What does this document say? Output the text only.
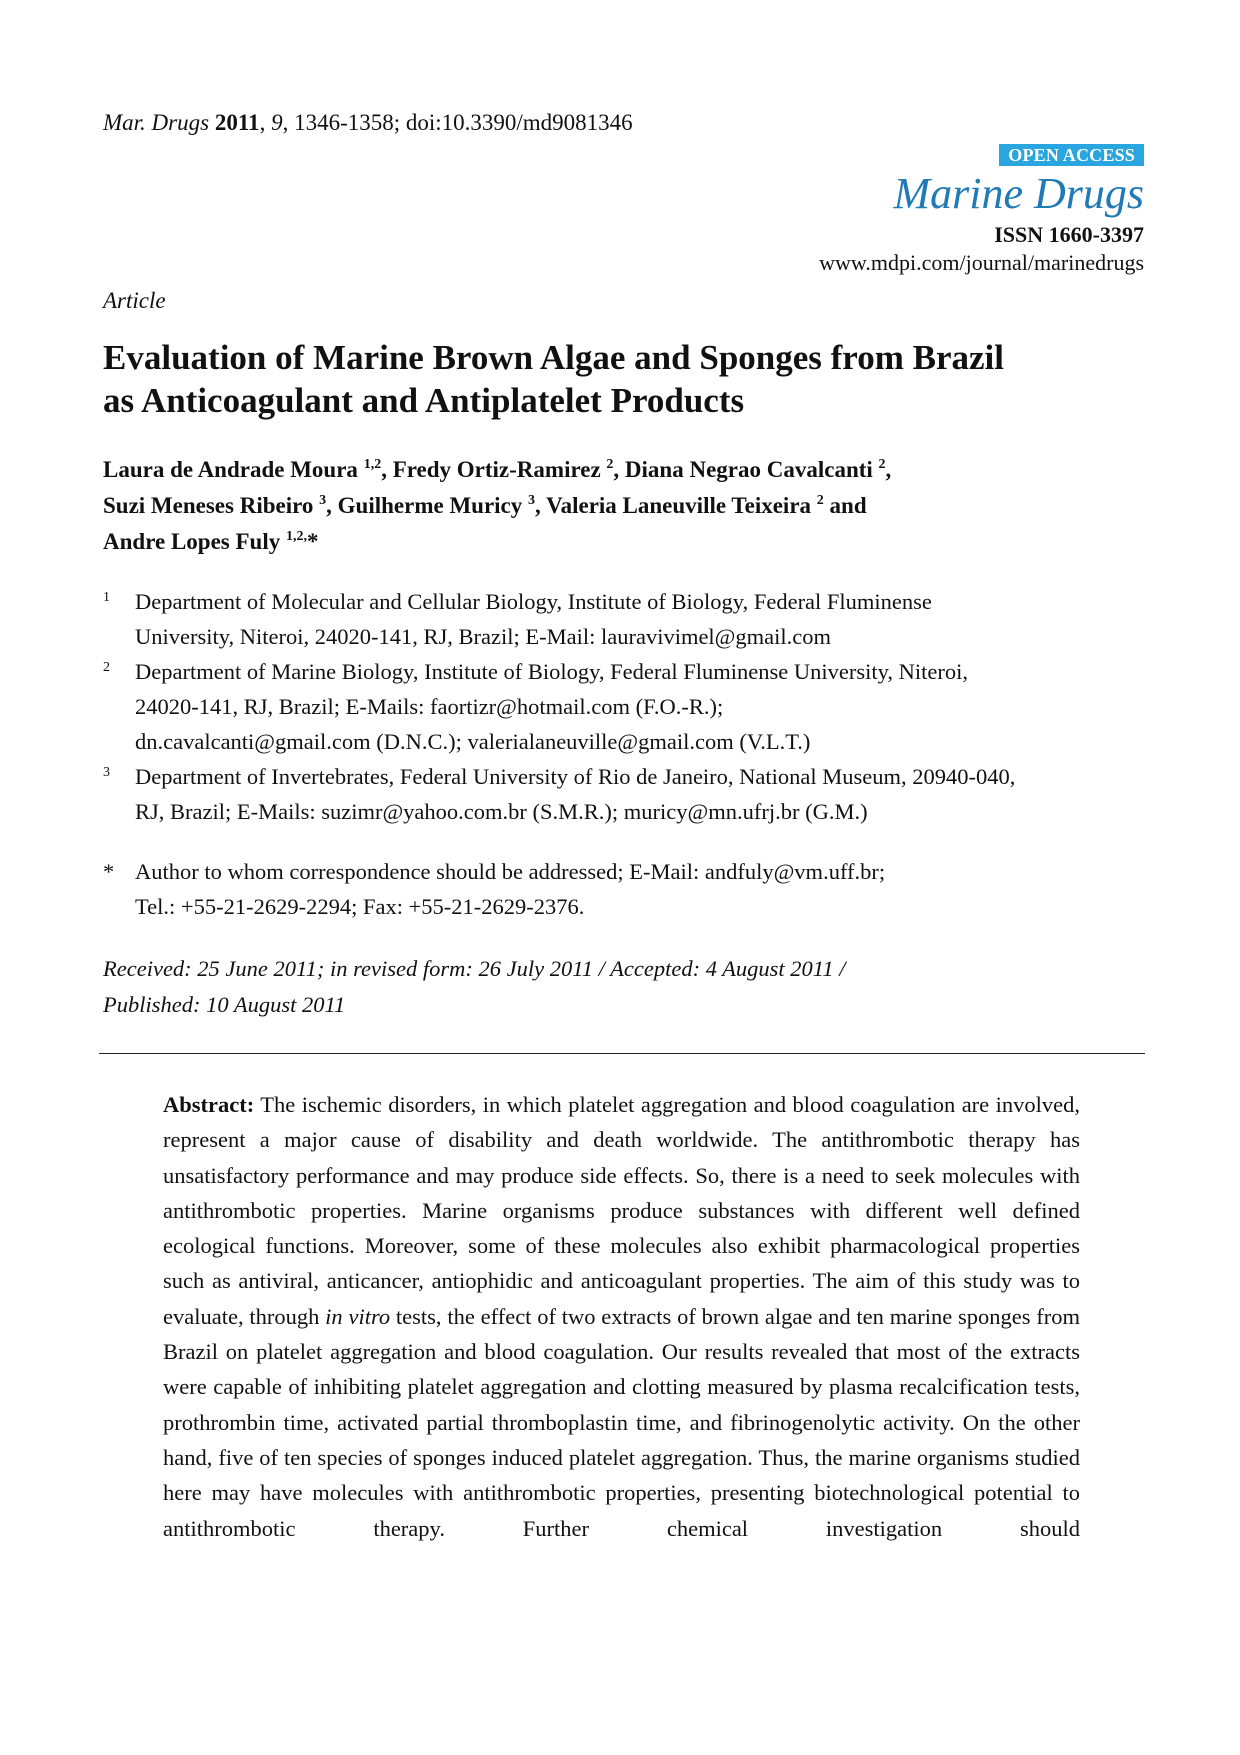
Mar. Drugs 2011, 9, 1346-1358; doi:10.3390/md9081346
OPEN ACCESS
Marine Drugs
ISSN 1660-3397
www.mdpi.com/journal/marinedrugs
Article
Evaluation of Marine Brown Algae and Sponges from Brazil
as Anticoagulant and Antiplatelet Products
Laura de Andrade Moura $^{1,2}$, Fredy Ortiz-Ramirez $^2$, Diana Negrao Cavalcanti $^2$,
Suzi Meneses Ribeiro $^3$, Guilherme Muricy $^3$, Valeria Laneuville Teixeira $^2$ and
Andre Lopes Fuly $^{1,2,}$*
1 Department of Molecular and Cellular Biology, Institute of Biology, Federal Fluminense
University, Niteroi, 24020-141, RJ, Brazil; E-Mail: lauravivimel@gmail.com
2 Department of Marine Biology, Institute of Biology, Federal Fluminense University, Niteroi,
24020-141, RJ, Brazil; E-Mails: faortizr@hotmail.com (F.O.-R.);
dn.cavalcanti@gmail.com (D.N.C.); valerialaneuville@gmail.com (V.L.T.)
3 Department of Invertebrates, Federal University of Rio de Janeiro, National Museum, 20940-040,
RJ, Brazil; E-Mails: suzimr@yahoo.com.br (S.M.R.); muricy@mn.ufrj.br (G.M.)
* Author to whom correspondence should be addressed; E-Mail: andfuly@vm.uff.br;
Tel.: +55-21-2629-2294; Fax: +55-21-2629-2376.
Received: 25 June 2011; in revised form: 26 July 2011 / Accepted: 4 August 2011 /
Published: 10 August 2011
Abstract: The ischemic disorders, in which platelet aggregation and blood coagulation are involved, represent a major cause of disability and death worldwide. The antithrombotic therapy has unsatisfactory performance and may produce side effects. So, there is a need to seek molecules with antithrombotic properties. Marine organisms produce substances with different well defined ecological functions. Moreover, some of these molecules also exhibit pharmacological properties such as antiviral, anticancer, antiophidic and anticoagulant properties. The aim of this study was to evaluate, through in vitro tests, the effect of two extracts of brown algae and ten marine sponges from Brazil on platelet aggregation and blood coagulation. Our results revealed that most of the extracts were capable of inhibiting platelet aggregation and clotting measured by plasma recalcification tests, prothrombin time, activated partial thromboplastin time, and fibrinogenolytic activity. On the other hand, five of ten species of sponges induced platelet aggregation. Thus, the marine organisms studied here may have molecules with antithrombotic properties, presenting biotechnological potential to antithrombotic therapy. Further chemical investigation should
